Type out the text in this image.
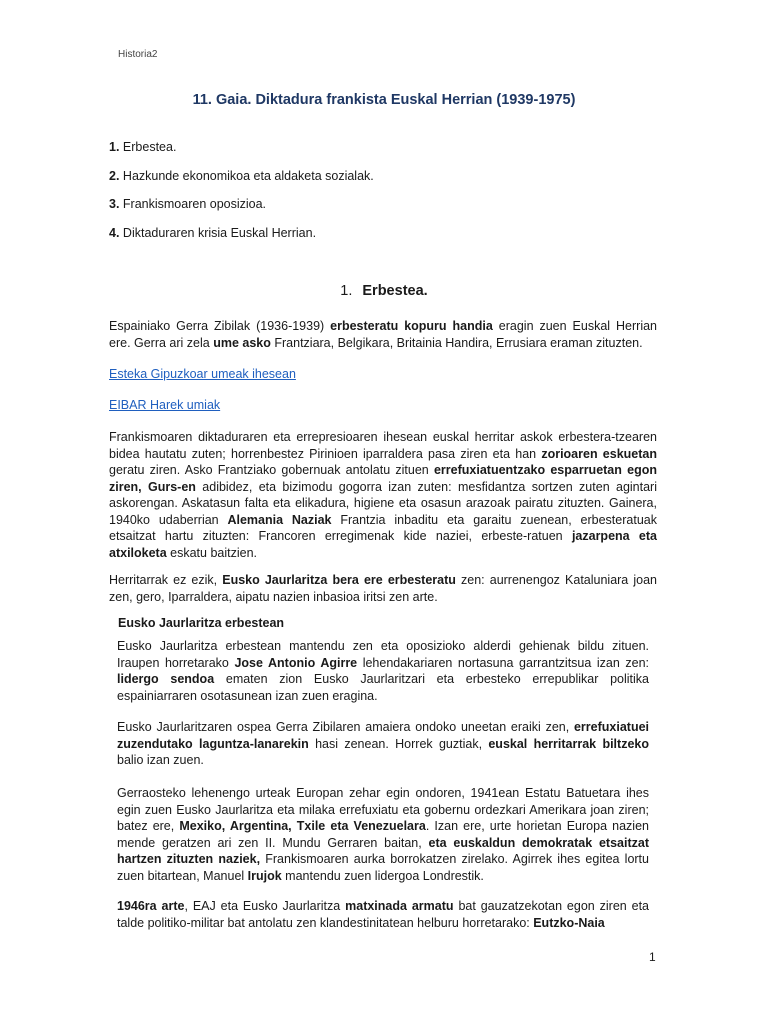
Historia2
11. Gaia. Diktadura frankista Euskal Herrian (1939-1975)
1. Erbestea.
2. Hazkunde ekonomikoa eta aldaketa sozialak.
3. Frankismoaren oposizioa.
4. Diktaduraren krisia Euskal Herrian.
1. Erbestea.
Espainiako Gerra Zibilak (1936-1939) erbesteratu kopuru handia eragin zuen Euskal Herrian ere. Gerra ari zela ume asko Frantziara, Belgikara, Britainia Handira, Errusiara eraman zituzten.
Esteka Gipuzkoar umeak ihesean
EIBAR Harek umiak
Frankismoaren diktaduraren eta errepresioaren ihesean euskal herritar askok erbestera-tzearen bidea hautatu zuten; horrenbestez Pirinioen iparraldera pasa ziren eta han zorioaren eskuetan geratu ziren. Asko Frantziako gobernuak antolatu zituen errefuxiatuentzako esparruetan egon ziren, Gurs-en adibidez, eta bizimodu gogorra izan zuten: mesfidantza sortzen zuten agintari askorengan. Askatasun falta eta elikadura, higiene eta osasun arazoak pairatu zituzten. Gainera, 1940ko udaberrian Alemania Naziak Frantzia inbaditu eta garaitu zuenean, erbesteratuak etsaitzat hartu zituzten: Francoren erregimenak kide naziei, erbeste-ratuen jazarpena eta atxiloketa eskatu baitzien.
Herritarrak ez ezik, Eusko Jaurlaritza bera ere erbesteratu zen: aurrenengoz Kataluniara joan zen, gero, Iparraldera, aipatu nazien inbasioa iritsi zen arte.
Eusko Jaurlaritza erbestean
Eusko Jaurlaritza erbestean mantendu zen eta oposizioko alderdi gehienak bildu zituen. Iraupen horretarako Jose Antonio Agirre lehendakariaren nortasuna garrantzitsua izan zen: lidergo sendoa ematen zion Eusko Jaurlaritzari eta erbesteko errepublikar politika espainiarraren osotasunean izan zuen eragina.
Eusko Jaurlaritzaren ospea Gerra Zibilaren amaiera ondoko uneetan eraiki zen, errefuxiatuei zuzendutako laguntza-lanarekin hasi zenean. Horrek guztiak, euskal herritarrak biltzeko balio izan zuen.
Gerraosteko lehenengo urteak Europan zehar egin ondoren, 1941ean Estatu Batuetara ihes egin zuen Eusko Jaurlaritza eta milaka errefuxiatu eta gobernu ordezkari Amerikara joan ziren; batez ere, Mexiko, Argentina, Txile eta Venezuelara. Izan ere, urte horietan Europa nazien mende geratzen ari zen II. Mundu Gerraren baitan, eta euskaldun demokratak etsaitzat hartzen zituzten naziek, Frankismoaren aurka borrokatzen zirelako. Agirrek ihes egitea lortu zuen bitartean, Manuel Irujok mantendu zuen lidergoa Londrestik.
1946ra arte, EAJ eta Eusko Jaurlaritza matxinada armatu bat gauzatzekotan egon ziren eta talde politiko-militar bat antolatu zen klandestinitatean helburu horretarako: Eutzko-Naia
1
